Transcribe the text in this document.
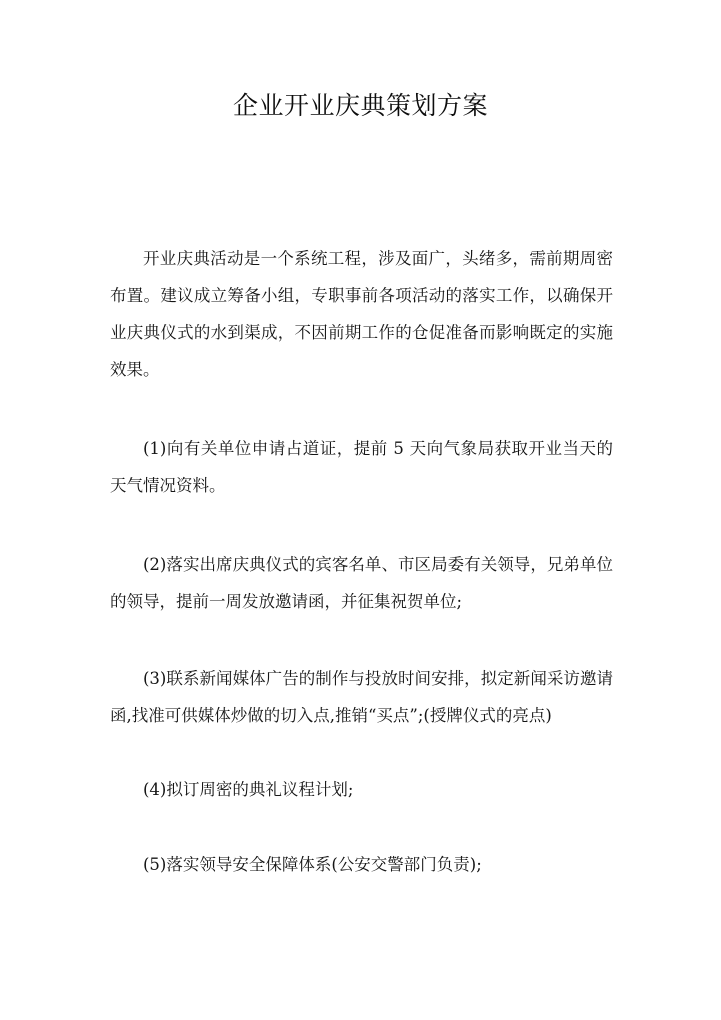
企业开业庆典策划方案

开业庆典活动是一个系统工程，涉及面广，头绪多，需前期周密布置。建议成立筹备小组，专职事前各项活动的落实工作，以确保开业庆典仪式的水到渠成，不因前期工作的仓促准备而影响既定的实施效果。

(1)向有关单位申请占道证，提前 5 天向气象局获取开业当天的天气情况资料。

(2)落实出席庆典仪式的宾客名单、市区局委有关领导，兄弟单位的领导，提前一周发放邀请函，并征集祝贺单位;

(3)联系新闻媒体广告的制作与投放时间安排，拟定新闻采访邀请函,找准可供媒体炒做的切入点,推销“买点”;(授牌仪式的亮点)

(4)拟订周密的典礼议程计划;

(5)落实领导安全保障体系(公安交警部门负责);
